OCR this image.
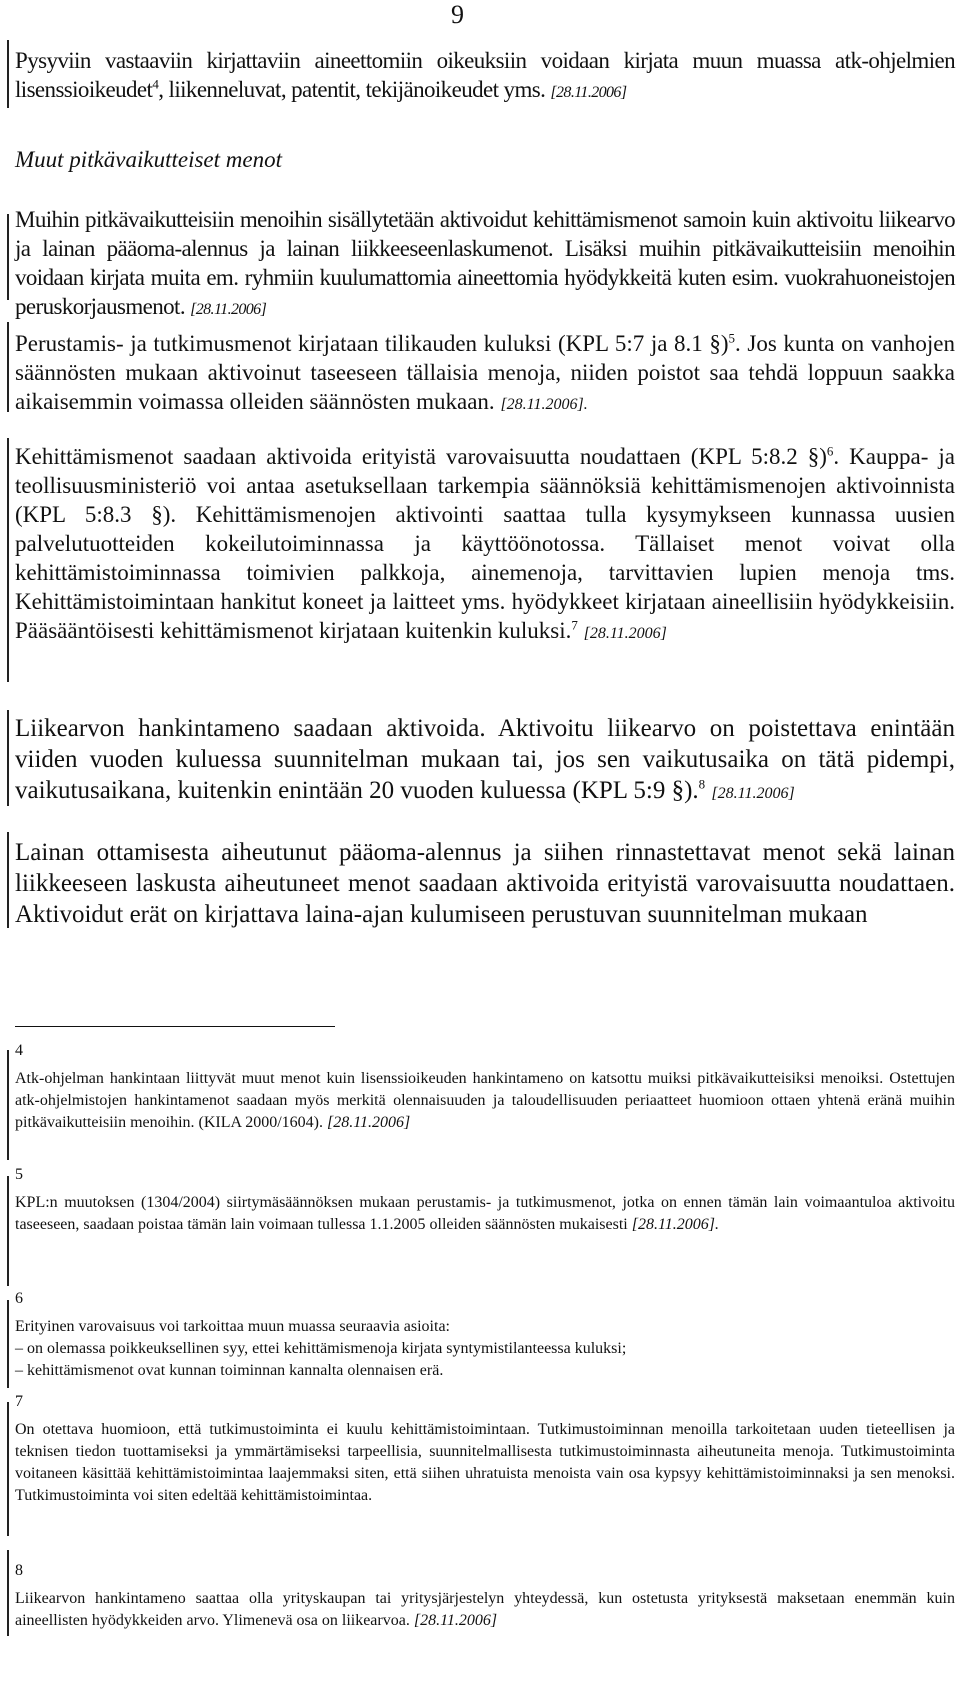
9
Pysyviin vastaaviin kirjattaviin aineettomiin oikeuksiin voidaan kirjata muun muassa atk-ohjelmien lisenssioikeudet$^4$, liikenneluvat, patentit, tekijänoikeudet yms. [28.11.2006]
Muut pitkävaikutteiset menot
Muihin pitkävaikutteisiin menoihin sisällytetään aktivoidut kehittämismenot samoin kuin aktivoitu liikearvo ja lainan pääoma-alennus ja lainan liikkeeseenlaskumenot. Lisäksi muihin pitkävaikutteisiin menoihin voidaan kirjata muita em. ryhmiin kuulumattomia aineettomia hyödykkeitä kuten esim. vuokrahuoneistojen peruskorjausmenot. [28.11.2006]
Perustamis- ja tutkimusmenot kirjataan tilikauden kuluksi (KPL 5:7 ja 8.1 §)$^5$. Jos kunta on vanhojen säännösten mukaan aktivoinut taseeseen tällaisia menoja, niiden poistot saa tehdä loppuun saakka aikaisemmin voimassa olleiden säännösten mukaan. [28.11.2006].
Kehittämismenot saadaan aktivoida erityistä varovaisuutta noudattaen (KPL 5:8.2 §)$^6$. Kauppa- ja teollisuusministeriö voi antaa asetuksellaan tarkempia säännöksiä kehittämismenojen aktivoinnista (KPL 5:8.3 §). Kehittämismenojen aktivointi saattaa tulla kysymykseen kunnassa uusien palvelutuotteiden kokeilutoiminnassa ja käyttöönotossa. Tällaiset menot voivat olla kehittämistoiminnassa toimivien palkkoja, ainemenoja, tarvittavien lupien menoja tms. Kehittämistoimintaan hankitut koneet ja laitteet yms. hyödykkeet kirjataan aineellisiin hyödykkeisiin. Pääsääntöisesti kehittämismenot kirjataan kuitenkin kuluksi.$^7$ [28.11.2006]
Liikearvon hankintameno saadaan aktivoida. Aktivoitu liikearvo on poistettava enintään viiden vuoden kuluessa suunnitelman mukaan tai, jos sen vaikutusaika on tätä pidempi, vaikutusaikana, kuitenkin enintään 20 vuoden kuluessa (KPL 5:9 §).$^8$ [28.11.2006]
Lainan ottamisesta aiheutunut pääoma-alennus ja siihen rinnastettavat menot sekä lainan liikkeeseen laskusta aiheutuneet menot saadaan aktivoida erityistä varovaisuutta noudattaen. Aktivoidut erät on kirjattava laina-ajan kulumiseen perustuvan suunnitelman mukaan
4
Atk-ohjelman hankintaan liittyvät muut menot kuin lisenssioikeuden hankintameno on katsottu muiksi pitkävaikutteisiksi menoiksi. Ostettujen atk-ohjelmistojen hankintamenot saadaan myös merkitä olennaisuuden ja taloudellisuuden periaatteet huomioon ottaen yhtenä eränä muihin pitkävaikutteisiin menoihin. (KILA 2000/1604). [28.11.2006]
5
KPL:n muutoksen (1304/2004) siirtymäsäännöksen mukaan perustamis- ja tutkimusmenot, jotka on ennen tämän lain voimaantuloa aktivoitu taseeseen, saadaan poistaa tämän lain voimaan tullessa 1.1.2005 olleiden säännösten mukaisesti [28.11.2006].
6
Erityinen varovaisuus voi tarkoittaa muun muassa seuraavia asioita:
– on olemassa poikkeuksellinen syy, ettei kehittämismenoja kirjata syntymistilanteessa kuluksi;
– kehittämismenot ovat kunnan toiminnan kannalta olennaisen erä.
7
On otettava huomioon, että tutkimustoiminta ei kuulu kehittämistoimintaan. Tutkimustoiminnan menoilla tarkoitetaan uuden tieteellisen ja teknisen tiedon tuottamiseksi ja ymmärtämiseksi tarpeellisia, suunnitelmallisesta tutkimustoiminnasta aiheutuneita menoja. Tutkimustoiminta voitaneen käsittää kehittämistoimintaa laajemmaksi siten, että siihen uhratuista menoista vain osa kypsyy kehittämistoiminnaksi ja sen menoksi. Tutkimustoiminta voi siten edeltää kehittämistoimintaa.
8
Liikearvon hankintameno saattaa olla yrityskaupan tai yritysjärjestelyn yhteydessä, kun ostetusta yrityksestä maksetaan enemmän kuin aineellisten hyödykkeiden arvo. Ylimenevä osa on liikearvoa. [28.11.2006]
